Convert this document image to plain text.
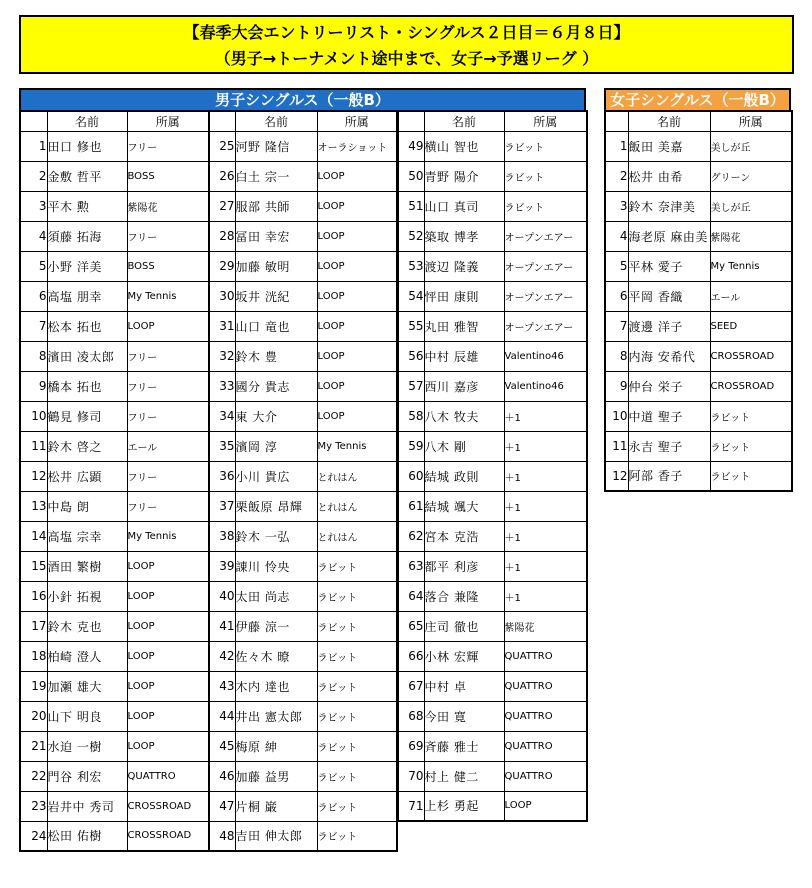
【春季大会エントリーリスト・シングルス２日目＝６月８日】
（男子→トーナメント途中まで、女子→予選リーグ ）
男子シングルス（一般B）	女子シングルス（一般B）
	名前	所属
1	田口 修也	フリー
2	金敷 哲平	BOSS
3	平木 勲	紫陽花
4	須藤 拓海	フリー
5	小野 洋美	BOSS
6	高塩 朋幸	My Tennis
7	松本 拓也	LOOP
8	濱田 凌太郎	フリー
9	橋本 拓也	フリー
10	鶴見 修司	フリー
11	鈴木 啓之	エール
12	松井 広顕	フリー
13	中島 朗	フリー
14	高塩 宗幸	My Tennis
15	酒田 繁樹	LOOP
16	小針 拓視	LOOP
17	鈴木 克也	LOOP
18	柏崎 澄人	LOOP
19	加瀬 雄大	LOOP
20	山下 明良	LOOP
21	水迫 一樹	LOOP
22	門谷 利宏	QUATTRO
23	岩井中 秀司	CROSSROAD
24	松田 佑樹	CROSSROAD
	名前	所属
25	河野 隆信	オーラショット
26	白土 宗一	LOOP
27	服部 共師	LOOP
28	冨田 幸宏	LOOP
29	加藤 敏明	LOOP
30	坂井 洸紀	LOOP
31	山口 竜也	LOOP
32	鈴木 豊	LOOP
33	國分 貴志	LOOP
34	東 大介	LOOP
35	濱岡 淳	My Tennis
36	小川 貴広	とれはん
37	栗飯原 昂輝	とれはん
38	鈴木 一弘	とれはん
39	諌川 怜央	ラビット
40	太田 尚志	ラビット
41	伊藤 涼一	ラビット
42	佐々木 暸	ラビット
43	木内 達也	ラビット
44	井出 憲太郎	ラビット
45	梅原 紳	ラビット
46	加藤 益男	ラビット
47	片桐 巌	ラビット
48	吉田 伸太郎	ラビット
	名前	所属
49	横山 智也	ラビット
50	青野 陽介	ラビット
51	山口 真司	ラビット
52	築取 博孝	オープンエアー
53	渡辺 隆義	オープンエアー
54	怦田 康則	オープンエアー
55	丸田 雅智	オープンエアー
56	中村 辰雄	Valentino46
57	西川 嘉彦	Valentino46
58	八木 牧夫	＋1
59	八木 剛	＋1
60	結城 政則	＋1
61	結城 颯大	＋1
62	宮本 克浩	＋1
63	都平 利彦	＋1
64	落合 兼隆	＋1
65	庄司 徹也	紫陽花
66	小林 宏輝	QUATTRO
67	中村 卓	QUATTRO
68	今田 寛	QUATTRO
69	斉藤 雅士	QUATTRO
70	村上 健二	QUATTRO
71	上杉 勇起	LOOP
	名前	所属
1	飯田 美嘉	美しが丘
2	松井 由希	グリーン
3	鈴木 奈津美	美しが丘
4	海老原 麻由美	紫陽花
5	平林 愛子	My Tennis
6	平岡 香織	エール
7	渡邊 洋子	SEED
8	内海 安希代	CROSSROAD
9	仲台 栄子	CROSSROAD
10	中道 聖子	ラビット
11	永吉 聖子	ラビット
12	阿部 香子	ラビット
